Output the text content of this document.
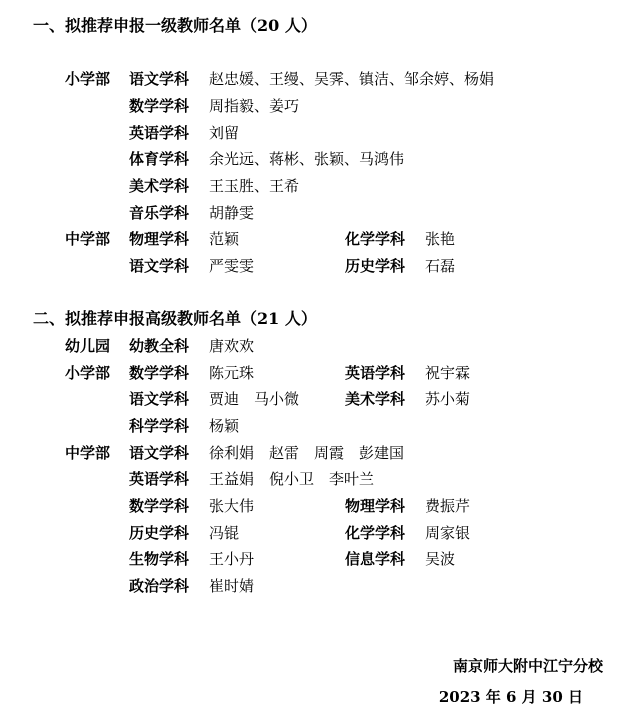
一、拟推荐申报一级教师名单（20 人）
小学部 语文学科 赵忠媛、王缦、吴霁、镇洁、邹余婷、杨娟
数学学科 周指毅、姜巧
英语学科 刘留
体育学科 余光远、蒋彬、张颖、马鸿伟
美术学科 王玉胜、王希
音乐学科 胡静雯
中学部 物理学科 范颖	化学学科 张艳
语文学科 严雯雯	历史学科 石磊
二、拟推荐申报高级教师名单（21 人）
幼儿园 幼教全科 唐欢欢
小学部 数学学科 陈元珠	英语学科 祝宇霖
语文学科 贾迪　马小微	美术学科 苏小菊
科学学科 杨颖
中学部 语文学科 徐利娟　赵雷　周霞　彭建国
英语学科 王益娟　倪小卫　李叶兰
数学学科 张大伟	物理学科 费振芹
历史学科 冯锟	化学学科 周家银
生物学科 王小丹	信息学科 吴波
政治学科 崔时婧
南京师大附中江宁分校
2023 年 6 月 30 日
